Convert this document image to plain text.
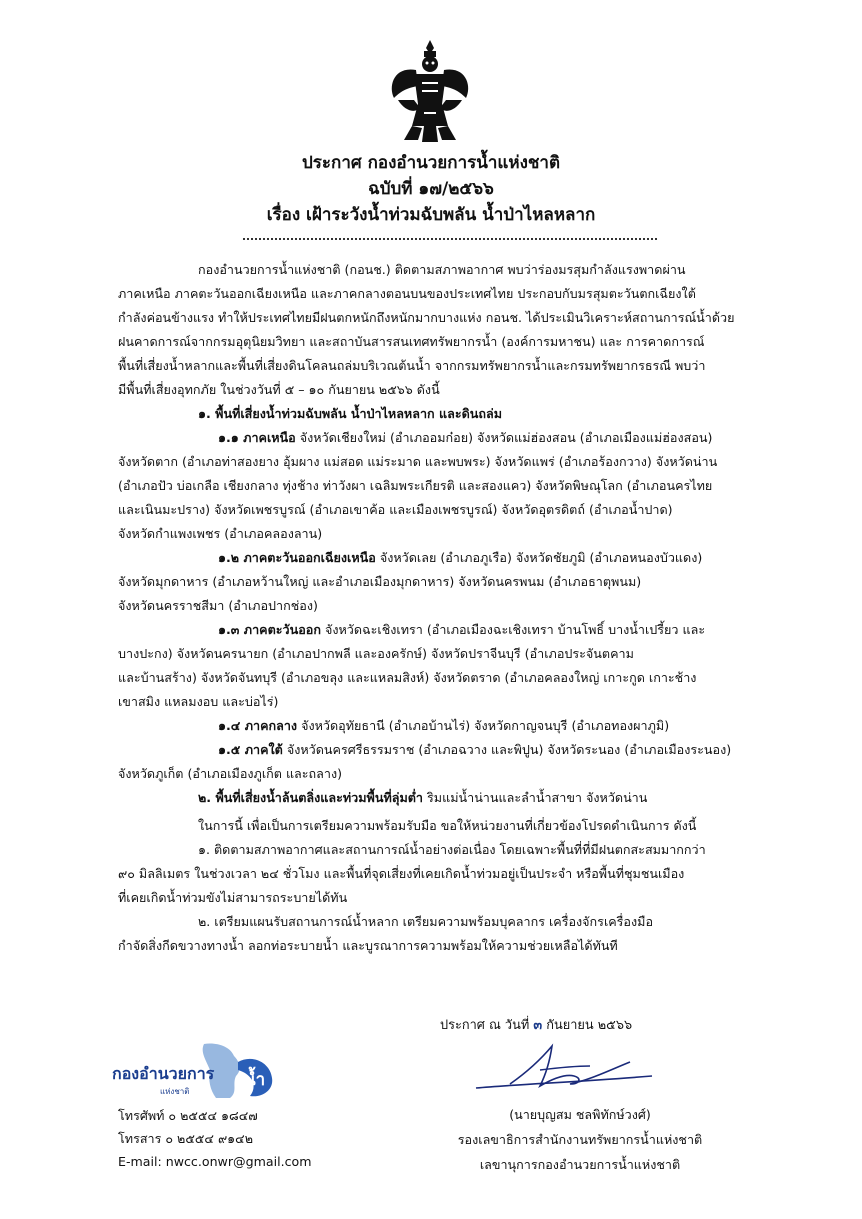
ประกาศ กองอำนวยการน้ำแห่งชาติ
ฉบับที่ ๑๗/๒๕๖๖
เรื่อง เฝ้าระวังน้ำท่วมฉับพลัน น้ำป่าไหลหลาก

กองอำนวยการน้ำแห่งชาติ (กอนช.) ติดตามสภาพอากาศ พบว่าร่องมรสุมกำลังแรงพาดผ่าน

ภาคเหนือ ภาคตะวันออกเฉียงเหนือ และภาคกลางตอนบนของประเทศไทย ประกอบกับมรสุมตะวันตกเฉียงใต้

กำลังค่อนข้างแรง ทำให้ประเทศไทยมีฝนตกหนักถึงหนักมากบางแห่ง กอนช. ได้ประเมินวิเคราะห์สถานการณ์น้ำด้วย

ฝนคาดการณ์จากกรมอุตุนิยมวิทยา และสถาบันสารสนเทศทรัพยากรน้ำ (องค์การมหาชน) และ การคาดการณ์

พื้นที่เสี่ยงน้ำหลากและพื้นที่เสี่ยงดินโคลนถล่มบริเวณต้นน้ำ จากกรมทรัพยากรน้ำและกรมทรัพยากรธรณี พบว่า

มีพื้นที่เสี่ยงอุทกภัย ในช่วงวันที่ ๕ – ๑๐ กันยายน ๒๕๖๖ ดังนี้

๑. พื้นที่เสี่ยงน้ำท่วมฉับพลัน น้ำป่าไหลหลาก และดินถล่ม

๑.๑ ภาคเหนือ จังหวัดเชียงใหม่ (อำเภออมก๋อย) จังหวัดแม่ฮ่องสอน (อำเภอเมืองแม่ฮ่องสอน)

จังหวัดตาก (อำเภอท่าสองยาง อุ้มผาง แม่สอด แม่ระมาด และพบพระ) จังหวัดแพร่ (อำเภอร้องกวาง) จังหวัดน่าน

(อำเภอปัว บ่อเกลือ เชียงกลาง ทุ่งช้าง ท่าวังผา เฉลิมพระเกียรติ และสองแคว) จังหวัดพิษณุโลก (อำเภอนครไทย

และเนินมะปราง) จังหวัดเพชรบูรณ์ (อำเภอเขาค้อ และเมืองเพชรบูรณ์) จังหวัดอุตรดิตถ์ (อำเภอน้ำปาด)

จังหวัดกำแพงเพชร (อำเภอคลองลาน)

๑.๒ ภาคตะวันออกเฉียงเหนือ จังหวัดเลย (อำเภอภูเรือ) จังหวัดชัยภูมิ (อำเภอหนองบัวแดง)

จังหวัดมุกดาหาร (อำเภอหว้านใหญ่ และอำเภอเมืองมุกดาหาร) จังหวัดนครพนม (อำเภอธาตุพนม)

จังหวัดนครราชสีมา (อำเภอปากช่อง)

๑.๓ ภาคตะวันออก จังหวัดฉะเชิงเทรา (อำเภอเมืองฉะเชิงเทรา บ้านโพธิ์ บางน้ำเปรี้ยว และ

บางปะกง) จังหวัดนครนายก (อำเภอปากพลี และองครักษ์) จังหวัดปราจีนบุรี (อำเภอประจันตคาม

และบ้านสร้าง) จังหวัดจันทบุรี (อำเภอขลุง และแหลมสิงห์) จังหวัดตราด (อำเภอคลองใหญ่ เกาะกูด เกาะช้าง

เขาสมิง แหลมงอบ และบ่อไร่)

๑.๔ ภาคกลาง จังหวัดอุทัยธานี (อำเภอบ้านไร่) จังหวัดกาญจนบุรี (อำเภอทองผาภูมิ)

๑.๕ ภาคใต้ จังหวัดนครศรีธรรมราช (อำเภอฉวาง และพิปูน) จังหวัดระนอง (อำเภอเมืองระนอง)

จังหวัดภูเก็ต (อำเภอเมืองภูเก็ต และถลาง)

๒. พื้นที่เสี่ยงน้ำล้นตลิ่งและท่วมพื้นที่ลุ่มต่ำ ริมแม่น้ำน่านและลำน้ำสาขา จังหวัดน่าน

ในการนี้ เพื่อเป็นการเตรียมความพร้อมรับมือ ขอให้หน่วยงานที่เกี่ยวข้องโปรดดำเนินการ ดังนี้

๑. ติดตามสภาพอากาศและสถานการณ์น้ำอย่างต่อเนื่อง โดยเฉพาะพื้นที่ที่มีฝนตกสะสมมากกว่า

๙๐ มิลลิเมตร ในช่วงเวลา ๒๔ ชั่วโมง และพื้นที่จุดเสี่ยงที่เคยเกิดน้ำท่วมอยู่เป็นประจำ หรือพื้นที่ชุมชนเมือง

ที่เคยเกิดน้ำท่วมขังไม่สามารถระบายได้ทัน

๒. เตรียมแผนรับสถานการณ์น้ำหลาก เตรียมความพร้อมบุคลากร เครื่องจักรเครื่องมือ

กำจัดสิ่งกีดขวางทางน้ำ ลอกท่อระบายน้ำ และบูรณาการความพร้อมให้ความช่วยเหลือได้ทันที

ประกาศ ณ วันที่ ๓ กันยายน ๒๕๖๖
(นายบุญสม ชลพิทักษ์วงศ์)
รองเลขาธิการสำนักงานทรัพยากรน้ำแห่งชาติ
เลขานุการกองอำนวยการน้ำแห่งชาติ
กองอำนวยการ
แห่งชาติ
น้ำ
โทรศัพท์ ๐ ๒๕๕๔ ๑๘๔๗
โทรสาร ๐ ๒๕๕๔ ๙๑๔๒
E-mail: nwcc.onwr@gmail.com
